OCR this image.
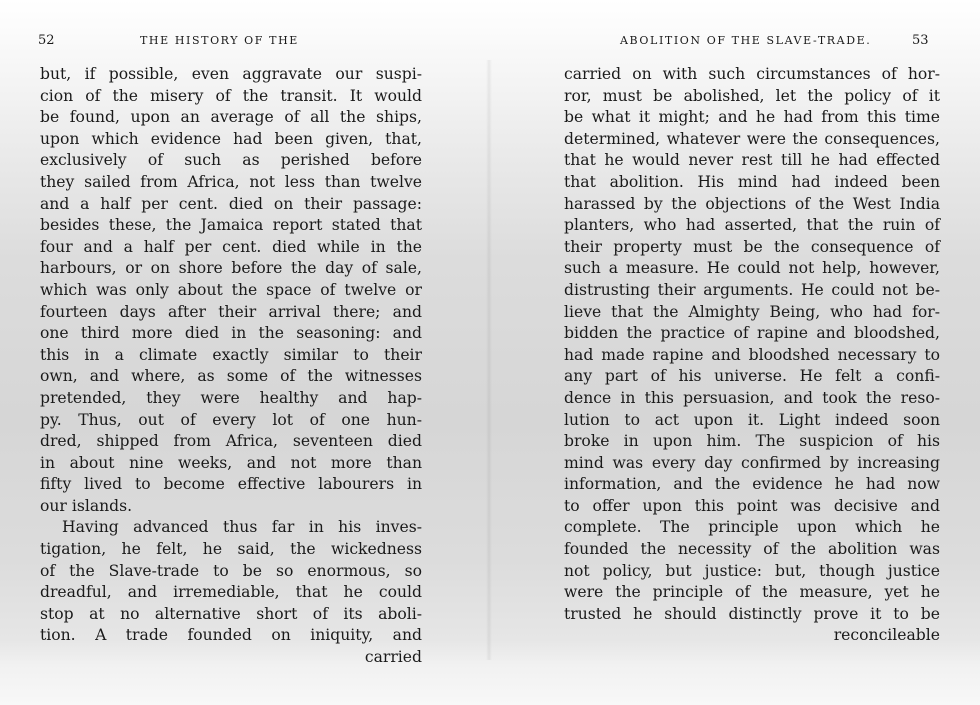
52	THE HISTORY OF THE
but, if possible, even aggravate our suspi-
cion of the misery of the transit. It would
be found, upon an average of all the ships,
upon which evidence had been given, that,
exclusively of such as perished before
they sailed from Africa, not less than twelve
and a half per cent. died on their passage:
besides these, the Jamaica report stated that
four and a half per cent. died while in the
harbours, or on shore before the day of sale,
which was only about the space of twelve or
fourteen days after their arrival there; and
one third more died in the seasoning: and
this in a climate exactly similar to their
own, and where, as some of the witnesses
pretended, they were healthy and hap-
py. Thus, out of every lot of one hun-
dred, shipped from Africa, seventeen died
in about nine weeks, and not more than
fifty lived to become effective labourers in
our islands.
Having advanced thus far in his inves-
tigation, he felt, he said, the wickedness
of the Slave-trade to be so enormous, so
dreadful, and irremediable, that he could
stop at no alternative short of its aboli-
tion. A trade founded on iniquity, and
carried
ABOLITION OF THE SLAVE-TRADE.	53
carried on with such circumstances of hor-
ror, must be abolished, let the policy of it
be what it might; and he had from this time
determined, whatever were the consequences,
that he would never rest till he had effected
that abolition. His mind had indeed been
harassed by the objections of the West India
planters, who had asserted, that the ruin of
their property must be the consequence of
such a measure. He could not help, however,
distrusting their arguments. He could not be-
lieve that the Almighty Being, who had for-
bidden the practice of rapine and bloodshed,
had made rapine and bloodshed necessary to
any part of his universe. He felt a confi-
dence in this persuasion, and took the reso-
lution to act upon it. Light indeed soon
broke in upon him. The suspicion of his
mind was every day confirmed by increasing
information, and the evidence he had now
to offer upon this point was decisive and
complete. The principle upon which he
founded the necessity of the abolition was
not policy, but justice: but, though justice
were the principle of the measure, yet he
trusted he should distinctly prove it to be
reconcileable
